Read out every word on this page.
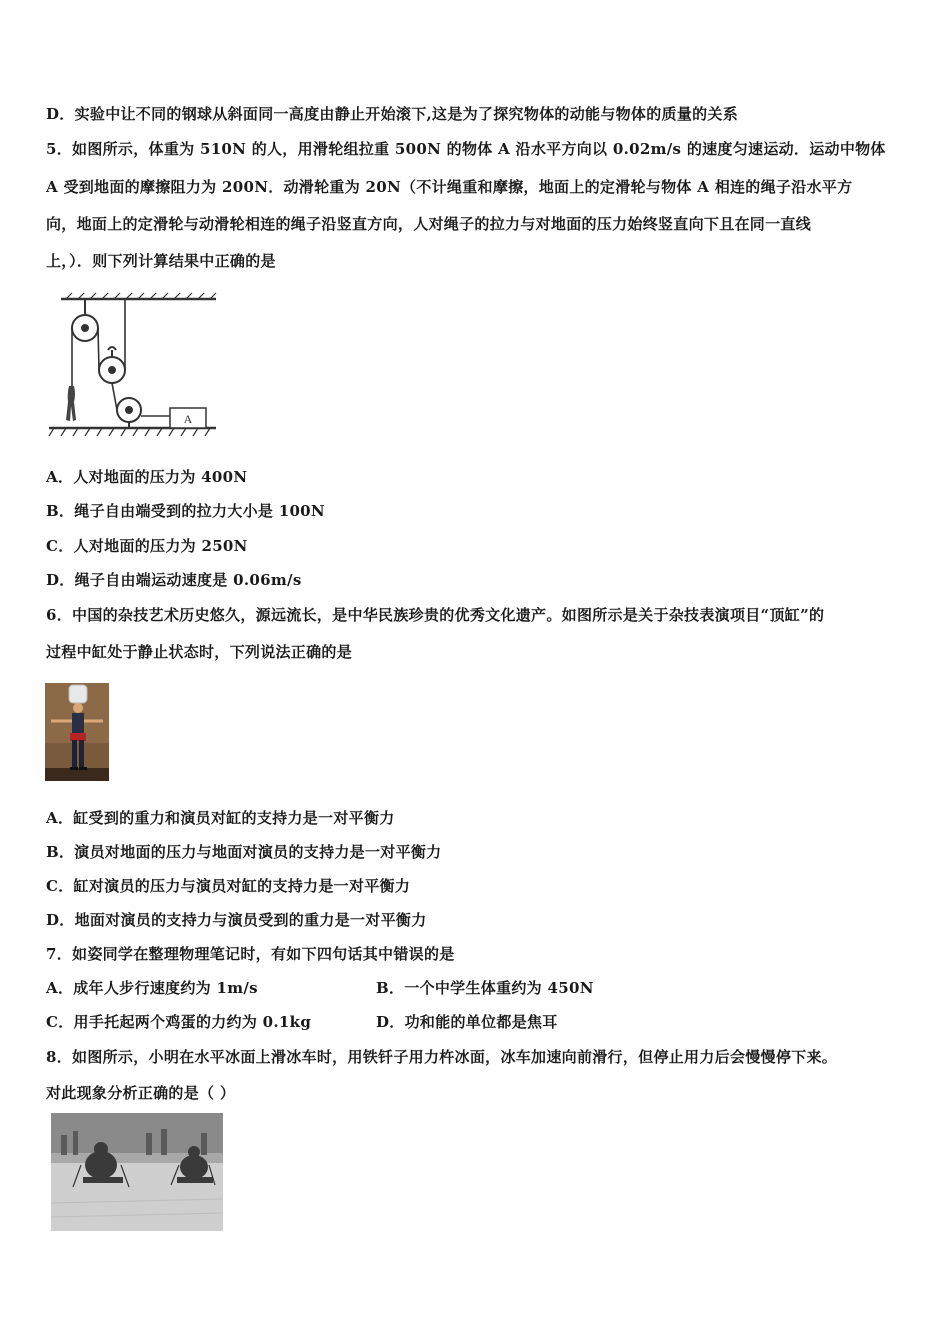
D．实验中让不同的钢球从斜面同一高度由静止开始滚下,这是为了探究物体的动能与物体的质量的关系
5．如图所示，体重为 510N 的人，用滑轮组拉重 500N 的物体 A 沿水平方向以 0.02m/s 的速度匀速运动．运动中物体
A 受到地面的摩擦阻力为 200N．动滑轮重为 20N（不计绳重和摩擦，地面上的定滑轮与物体 A 相连的绳子沿水平方
向，地面上的定滑轮与动滑轮相连的绳子沿竖直方向，人对绳子的拉力与对地面的压力始终竖直向下且在同一直线
上，）．则下列计算结果中正确的是
A
A．人对地面的压力为 400N
B．绳子自由端受到的拉力大小是 100N
C．人对地面的压力为 250N
D．绳子自由端运动速度是 0.06m/s
6．中国的杂技艺术历史悠久，源远流长，是中华民族珍贵的优秀文化遗产。如图所示是关于杂技表演项目“顶缸”的
过程中缸处于静止状态时，下列说法正确的是
A．缸受到的重力和演员对缸的支持力是一对平衡力
B．演员对地面的压力与地面对演员的支持力是一对平衡力
C．缸对演员的压力与演员对缸的支持力是一对平衡力
D．地面对演员的支持力与演员受到的重力是一对平衡力
7．如姿同学在整理物理笔记时，有如下四句话其中错误的是
A．成年人步行速度约为 1m/s	B．一个中学生体重约为 450N
C．用手托起两个鸡蛋的力约为 0.1kg	D．功和能的单位都是焦耳
8．如图所示，小明在水平冰面上滑冰车时，用铁钎子用力杵冰面，冰车加速向前滑行，但停止用力后会慢慢停下来。
对此现象分析正确的是（ ）
